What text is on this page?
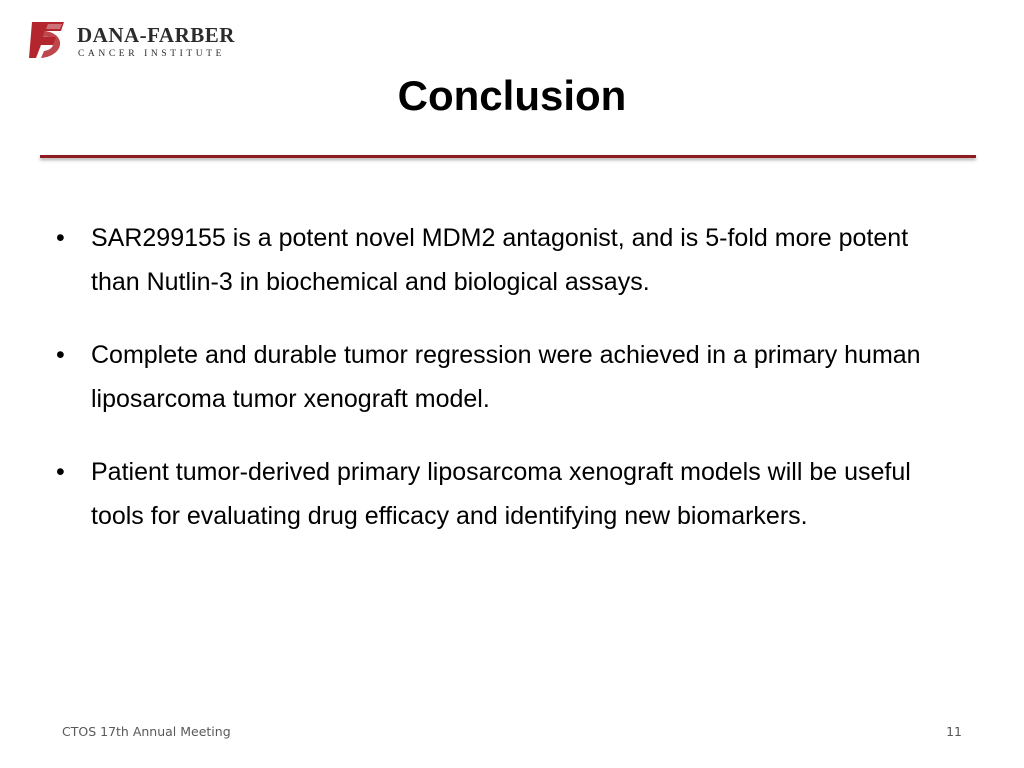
DANA-FARBER
CANCER INSTITUTE
Conclusion
• SAR299155 is a potent novel MDM2 antagonist, and is 5-fold more potent than Nutlin-3 in biochemical and biological assays.
• Complete and durable tumor regression were achieved in a primary human liposarcoma tumor xenograft model.
• Patient tumor-derived primary liposarcoma xenograft models will be useful tools for evaluating drug efficacy and identifying new biomarkers.
CTOS 17th Annual Meeting	11
